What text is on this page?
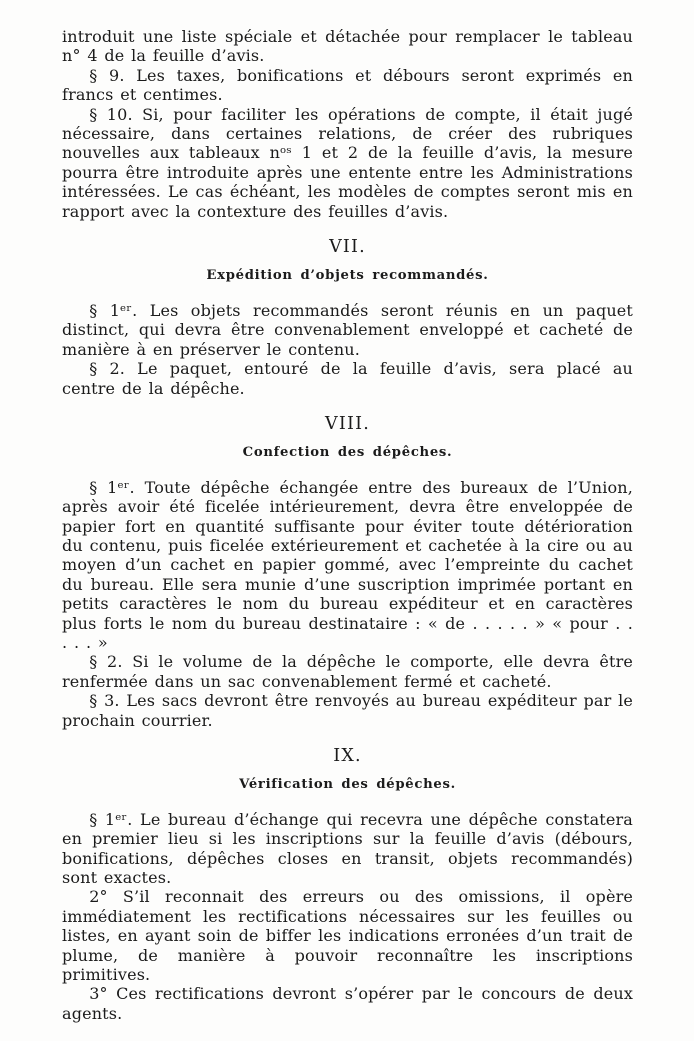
introduit une liste spéciale et détachée pour remplacer le tableau n° 4 de la feuille d’avis.

§ 9. Les taxes, bonifications et débours seront exprimés en francs et centimes.

§ 10. Si, pour faciliter les opérations de compte, il était jugé nécessaire, dans certaines relations, de créer des rubriques nouvelles aux tableaux nᵒˢ 1 et 2 de la feuille d’avis, la mesure pourra être introduite après une entente entre les Administrations intéressées. Le cas échéant, les modèles de comptes seront mis en rapport avec la contexture des feuilles d’avis.

VII.

Expédition d’objets recommandés.

§ 1ᵉʳ. Les objets recommandés seront réunis en un paquet distinct, qui devra être convenablement enveloppé et cacheté de manière à en préserver le contenu.

§ 2. Le paquet, entouré de la feuille d’avis, sera placé au centre de la dépêche.

VIII.

Confection des dépêches.

§ 1ᵉʳ. Toute dépêche échangée entre des bureaux de l’Union, après avoir été ficelée intérieurement, devra être enveloppée de papier fort en quantité suffisante pour éviter toute détérioration du contenu, puis ficelée extérieurement et cachetée à la cire ou au moyen d’un cachet en papier gommé, avec l’empreinte du cachet du bureau. Elle sera munie d’une suscription imprimée portant en petits caractères le nom du bureau expéditeur et en caractères plus forts le nom du bureau destinataire : « de . . . . . » « pour . . . . . »

§ 2. Si le volume de la dépêche le comporte, elle devra être renfermée dans un sac convenablement fermé et cacheté.

§ 3. Les sacs devront être renvoyés au bureau expéditeur par le prochain courrier.

IX.

Vérification des dépêches.

§ 1ᵉʳ. Le bureau d’échange qui recevra une dépêche constatera en premier lieu si les inscriptions sur la feuille d’avis (débours, bonifications, dépêches closes en transit, objets recommandés) sont exactes.

2° S’il reconnait des erreurs ou des omissions, il opère immédiatement les rectifications nécessaires sur les feuilles ou listes, en ayant soin de biffer les indications erronées d’un trait de plume, de manière à pouvoir reconnaître les inscriptions primitives.

3° Ces rectifications devront s’opérer par le concours de deux agents.
